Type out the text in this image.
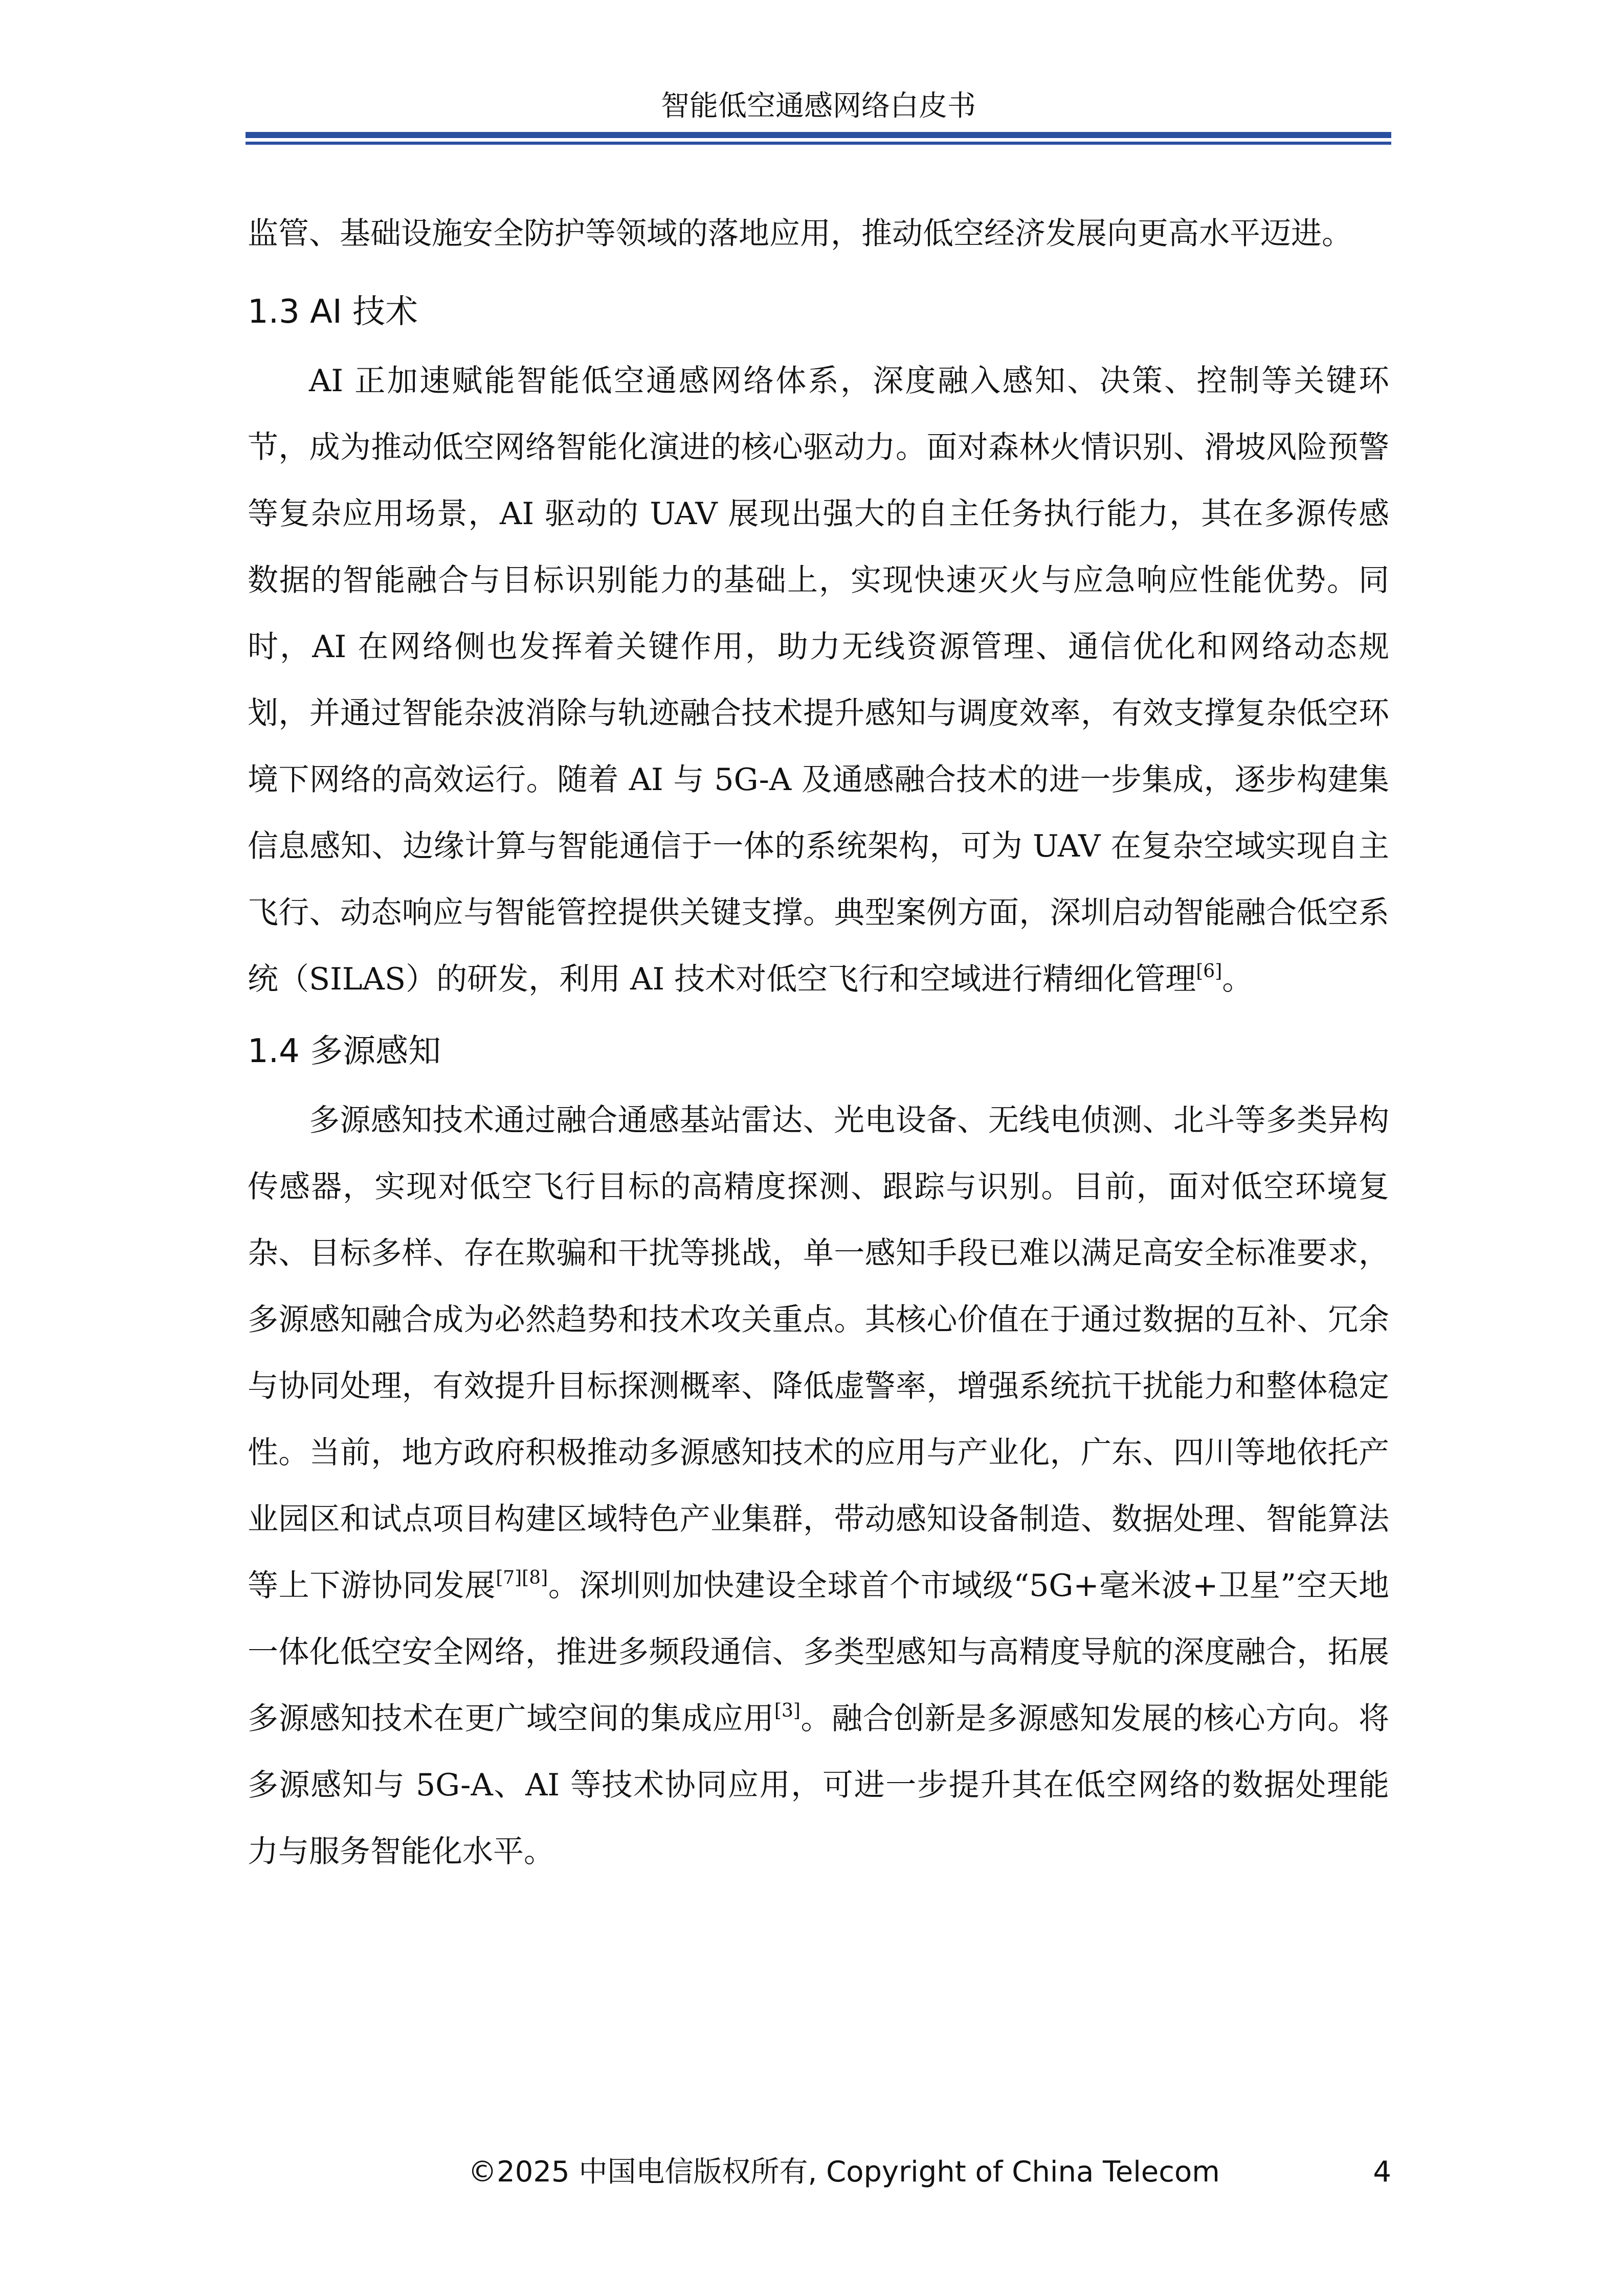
智能低空通感网络白皮书

监管、基础设施安全防护等领域的落地应用，推动低空经济发展向更高水平迈进。

1.3 AI 技术

AI 正加速赋能智能低空通感网络体系，深度融入感知、决策、控制等关键环节，成为推动低空网络智能化演进的核心驱动力。面对森林火情识别、滑坡风险预警等复杂应用场景，AI 驱动的 UAV 展现出强大的自主任务执行能力，其在多源传感数据的智能融合与目标识别能力的基础上，实现快速灭火与应急响应性能优势。同时，AI 在网络侧也发挥着关键作用，助力无线资源管理、通信优化和网络动态规划，并通过智能杂波消除与轨迹融合技术提升感知与调度效率，有效支撑复杂低空环境下网络的高效运行。随着 AI 与 5G-A 及通感融合技术的进一步集成，逐步构建集信息感知、边缘计算与智能通信于一体的系统架构，可为 UAV 在复杂空域实现自主飞行、动态响应与智能管控提供关键支撑。典型案例方面，深圳启动智能融合低空系统（SILAS）的研发，利用 AI 技术对低空飞行和空域进行精细化管理[6]。

1.4 多源感知

多源感知技术通过融合通感基站雷达、光电设备、无线电侦测、北斗等多类异构传感器，实现对低空飞行目标的高精度探测、跟踪与识别。目前，面对低空环境复杂、目标多样、存在欺骗和干扰等挑战，单一感知手段已难以满足高安全标准要求，多源感知融合成为必然趋势和技术攻关重点。其核心价值在于通过数据的互补、冗余与协同处理，有效提升目标探测概率、降低虚警率，增强系统抗干扰能力和整体稳定性。当前，地方政府积极推动多源感知技术的应用与产业化，广东、四川等地依托产业园区和试点项目构建区域特色产业集群，带动感知设备制造、数据处理、智能算法等上下游协同发展[7][8]。深圳则加快建设全球首个市域级“5G+毫米波+卫星”空天地一体化低空安全网络，推进多频段通信、多类型感知与高精度导航的深度融合，拓展多源感知技术在更广域空间的集成应用[3]。融合创新是多源感知发展的核心方向。将多源感知与 5G-A、AI 等技术协同应用，可进一步提升其在低空网络的数据处理能力与服务智能化水平。

©2025 中国电信版权所有, Copyright of China Telecom	4
